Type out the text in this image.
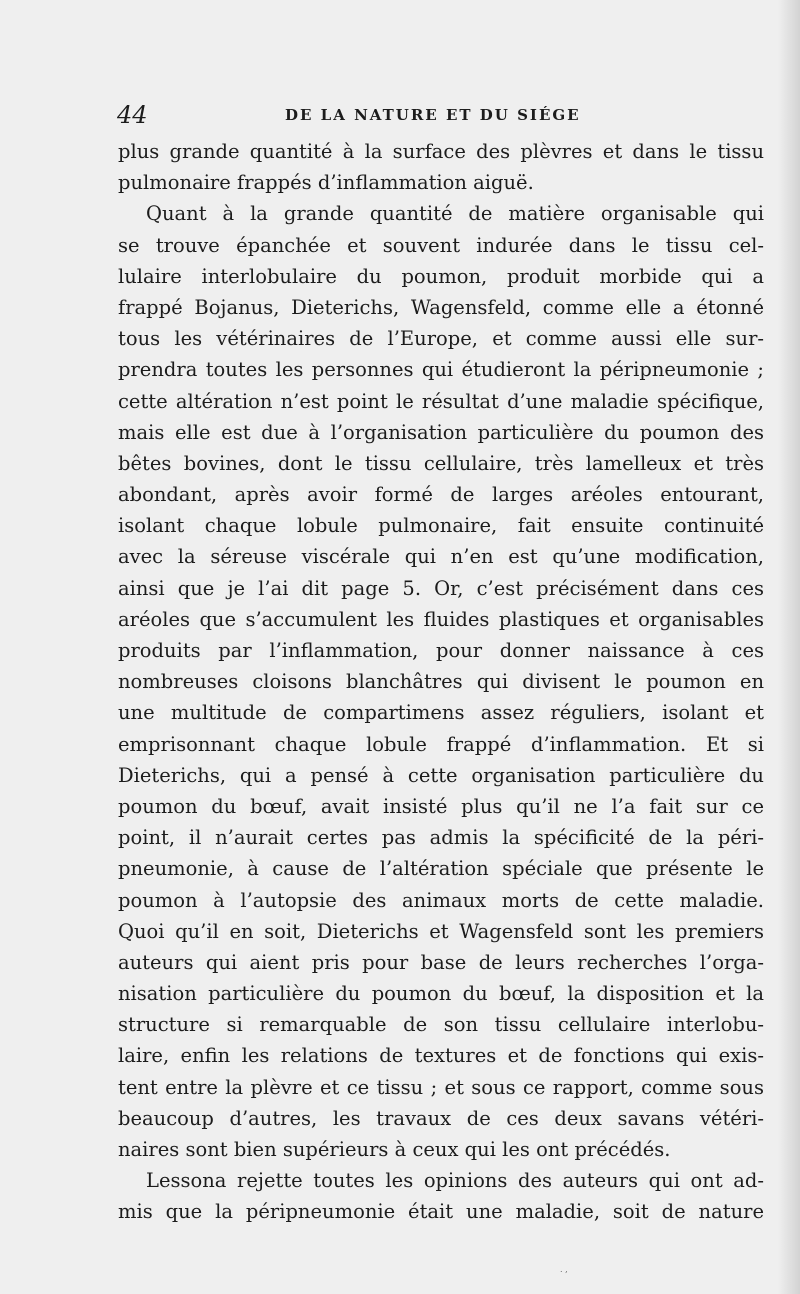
44	DE LA NATURE ET DU SIÉGE
plus grande quantité à la surface des plèvres et dans le tissu
pulmonaire frappés d’inflammation aiguë.
Quant à la grande quantité de matière organisable qui
se trouve épanchée et souvent indurée dans le tissu cel-
lulaire interlobulaire du poumon, produit morbide qui a
frappé Bojanus, Dieterichs, Wagensfeld, comme elle a étonné
tous les vétérinaires de l’Europe, et comme aussi elle sur-
prendra toutes les personnes qui étudieront la péripneumonie ;
cette altération n’est point le résultat d’une maladie spécifique,
mais elle est due à l’organisation particulière du poumon des
bêtes bovines, dont le tissu cellulaire, très lamelleux et très
abondant, après avoir formé de larges aréoles entourant,
isolant chaque lobule pulmonaire, fait ensuite continuité
avec la séreuse viscérale qui n’en est qu’une modification,
ainsi que je l’ai dit page 5. Or, c’est précisément dans ces
aréoles que s’accumulent les fluides plastiques et organisables
produits par l’inflammation, pour donner naissance à ces
nombreuses cloisons blanchâtres qui divisent le poumon en
une multitude de compartimens assez réguliers, isolant et
emprisonnant chaque lobule frappé d’inflammation. Et si
Dieterichs, qui a pensé à cette organisation particulière du
poumon du bœuf, avait insisté plus qu’il ne l’a fait sur ce
point, il n’aurait certes pas admis la spécificité de la péri-
pneumonie, à cause de l’altération spéciale que présente le
poumon à l’autopsie des animaux morts de cette maladie.
Quoi qu’il en soit, Dieterichs et Wagensfeld sont les premiers
auteurs qui aient pris pour base de leurs recherches l’orga-
nisation particulière du poumon du bœuf, la disposition et la
structure si remarquable de son tissu cellulaire interlobu-
laire, enfin les relations de textures et de fonctions qui exis-
tent entre la plèvre et ce tissu ; et sous ce rapport, comme sous
beaucoup d’autres, les travaux de ces deux savans vétéri-
naires sont bien supérieurs à ceux qui les ont précédés.
Lessona rejette toutes les opinions des auteurs qui ont ad-
mis que la péripneumonie était une maladie, soit de nature
. ,
